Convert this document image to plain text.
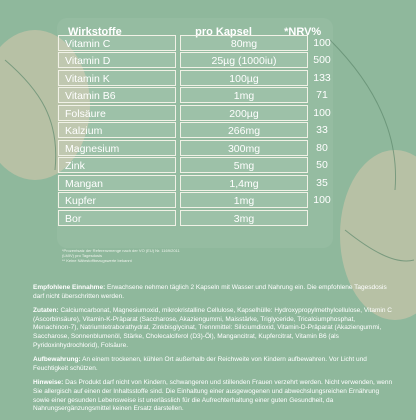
Wirkstoffe	pro Kapsel	*NRV%
Vitamin C	80mg	100
Vitamin D	25µg (1000iu)	500
Vitamin K	100µg	133
Vitamin B6	1mg	71
Folsäure	200µg	100
Kalzium	266mg	33
Magnesium	300mg	80
Zink	5mg	50
Mangan	1,4mg	35
Kupfer	1mg	100
Bor	3mg
*Prozentsatz der Referenzmenge nach der VO (EU) Nr. 1169/2011
(LMIV) pro Tagesdosis
** Keine Nährstoffbezugswerte bekannt

Empfohlene Einnahme: Erwachsene nehmen täglich 2 Kapseln mit Wasser und Nahrung ein. Die empfohlene Tagesdosis darf nicht überschritten werden.

Zutaten: Calciumcarbonat, Magnesiumoxid, mikrokristalline Cellulose, Kapselhülle: Hydroxypropylmethylcellulose, Vitamin C (Ascorbinsäure), Vitamin-K-Präparat (Saccharose, Akaziengummi, Maisstärke, Triglyceride, Tricalciumphosphat, Menachinon-7), Natriumtetraborathydrat, Zinkbisglycinat, Trennmittel: Siliciumdioxid, Vitamin-D-Präparat (Akaziengummi, Saccharose, Sonnenblumenöl, Stärke, Cholecalciferol (D3)-Öl), Mangancitrat, Kupfercitrat, Vitamin B6 (als Pyridoxinhydrochlorid), Folsäure.

Aufbewahrung: An einem trockenen, kühlen Ort außerhalb der Reichweite von Kindern aufbewahren. Vor Licht und Feuchtigkeit schützen.

Hinweise: Das Produkt darf nicht von Kindern, schwangeren und stillenden Frauen verzehrt werden. Nicht verwenden, wenn Sie allergisch auf einen der Inhaltsstoffe sind. Die Einhaltung einer ausgewogenen und abwechslungsreichen Ernährung sowie einer gesunden Lebensweise ist unerlässlich für die Aufrechterhaltung einer guten Gesundheit, da Nahrungsergänzungsmittel keinen Ersatz darstellen.
